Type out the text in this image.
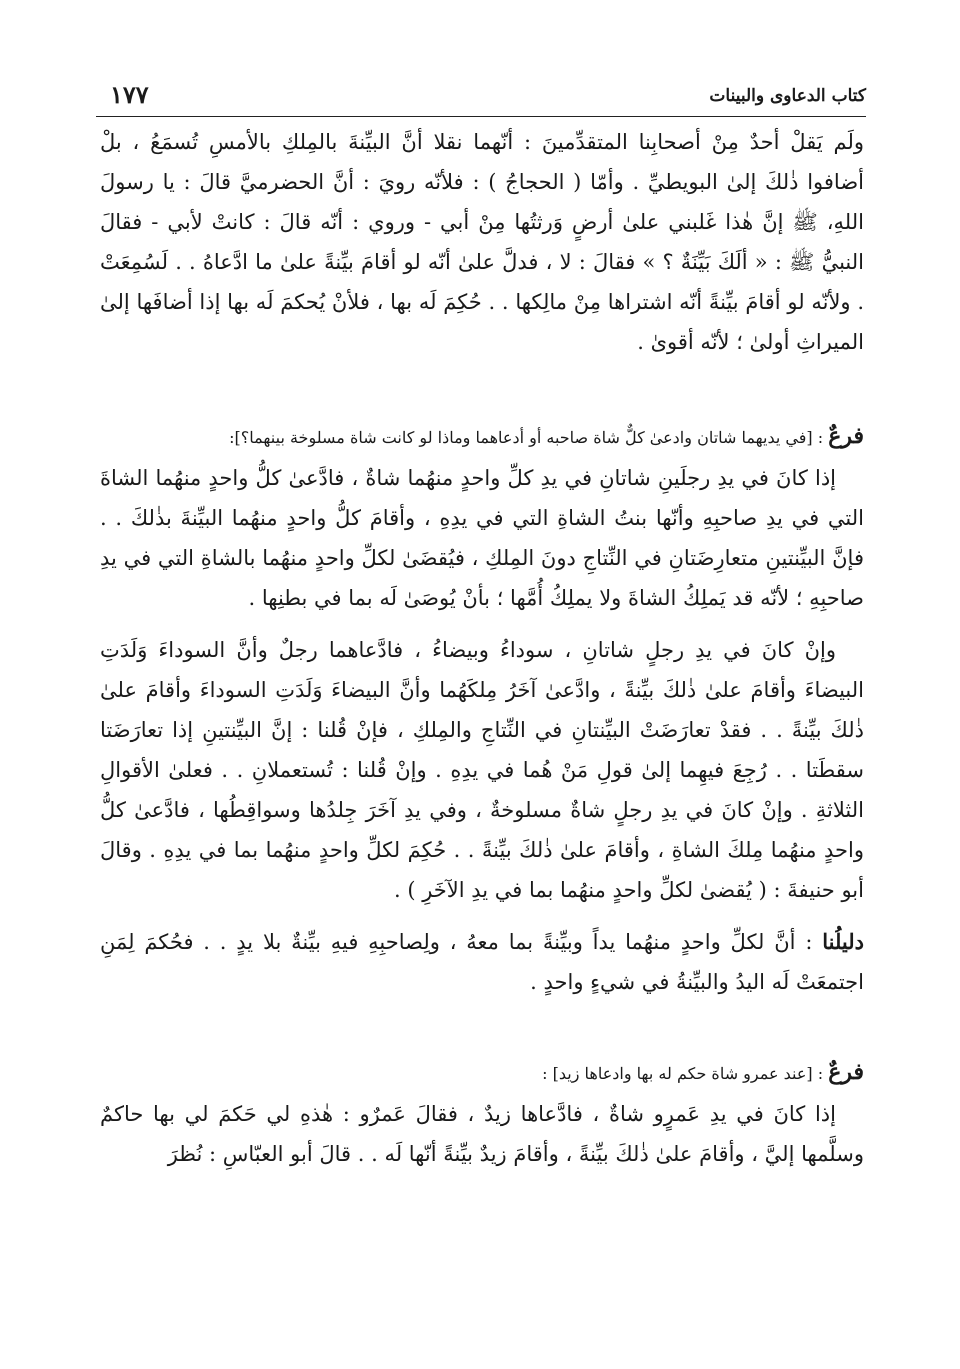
كتاب الدعاوى والبينات
١٧٧

ولَم يَقلْ أحدٌ مِنْ أصحابِنا المتقدِّمينَ : أنّهما نقلا أنَّ البيِّنةَ بالمِلكِ بالأمسِ تُسمَعُ ، بلْ أضافوا ذٰلكَ إلىٰ البويطيِّ . وأمّا ( الحجاجُ ) : فلأنّه رويَ : أنَّ الحضرميَّ قالَ : يا رسولَ اللهِ، ﷺ إنَّ هٰذا غَلبني علىٰ أرضٍ وَرثتُها مِنْ أبي - وروي : أنّه قالَ : كانتْ لأبي - فقالَ النبيُّ ﷺ : « ألَكَ بَيِّنَةٌ ؟ » فقالَ : لا ، فدلَّ علىٰ أنّه لو أقامَ بيِّنةً علىٰ ما ادَّعاهُ . . لَسُمِعَتْ . ولأنّه لو أقامَ بيِّنةً أنّه اشتراها مِنْ مالِكها . . حُكِمَ لَه بها ، فلأنْ يُحكمَ لَه بها إذا أضافَها إلىٰ الميراثِ أولىٰ ؛ لأنّه أقوىٰ .

فرعٌ : [في يديهما شاتان وادعىٰ كلٌّ شاة صاحبه أو أدعاهما وماذا لو كانت شاة مسلوخة بينهما؟]:

إذا كانَ في يدِ رجلَينِ شاتانِ في يدِ كلِّ واحدٍ منهُما شاةٌ ، فادَّعىٰ كلُّ واحدٍ منهُما الشاةَ التي في يدِ صاحبِهِ وأنّها بنتُ الشاةِ التي في يدِهِ ، وأقامَ كلُّ واحدٍ منهُما البيِّنةَ بذٰلكَ . . فإنَّ البيِّنتينِ متعارِضَتانِ في النِّتاجِ دونَ المِلكِ ، فيُقضَىٰ لكلِّ واحدٍ منهُما بالشاةِ التي في يدِ صاحبِهِ ؛ لأنّه قد يَملِكُ الشاةَ ولا يملِكُ أُمَّها ؛ بأنْ يُوصَىٰ لَه بما في بطنِها .

وإنْ كانَ في يدِ رجلٍ شاتانِ ، سوداءُ وبيضاءُ ، فادَّعاهما رجلٌ وأنَّ السوداءَ وَلَدَتِ البيضاءَ وأقامَ علىٰ ذٰلكَ بيِّنةً ، وادَّعىٰ آخَرُ مِلكَهُما وأنَّ البيضاءَ وَلَدَتِ السوداءَ وأقامَ علىٰ ذٰلكَ بيِّنةً . . فقدْ تعارَضَتْ البيِّنتانِ في النِّتاجِ والمِلكِ ، فإنْ قُلنا : إنَّ البيِّنتينِ إذا تعارَضَتا سقطَتا . . رُجِعَ فيهِما إلىٰ قولِ مَنْ هُما في يدِهِ . وإنْ قُلنا : تُستعملانِ . . فعلىٰ الأقوالِ الثلاثةِ . وإنْ كانَ في يدِ رجلٍ شاةٌ مسلوخةٌ ، وفي يدِ آخَرَ جِلدُها وسواقِطُها ، فادَّعىٰ كلُّ واحدٍ منهُما مِلكَ الشاةِ ، وأقامَ علىٰ ذٰلكَ بيِّنةً . . حُكِمَ لكلِّ واحدٍ منهُما بما في يدِهِ . وقالَ أبو حنيفةَ : ( يُقضىٰ لكلِّ واحدٍ منهُما بما في يدِ الآخَرِ ) .

دليلُنا : أنَّ لكلِّ واحدٍ منهُما يداً وبيِّنةً بما معهُ ، ولِصاحبِهِ فيهِ بيِّنةٌ بلا يدٍ . . فحُكمَ لِمَنِ اجتمعَتْ لَه اليدُ والبيِّنةُ في شيءٍ واحدٍ .

فرعٌ : [عند عمرو شاة حكم له بها وادعاها زيد] :

إذا كانَ في يدِ عَمرٍو شاةٌ ، فادَّعاها زيدٌ ، فقالَ عَمرٌو : هٰذهِ لي حَكمَ لي بها حاكمٌ وسلَّمها إليَّ ، وأقامَ علىٰ ذٰلكَ بيِّنةً ، وأقامَ زيدٌ بيِّنةً أنّها لَه . . قالَ أبو العبّاسِ : نُظرَ
